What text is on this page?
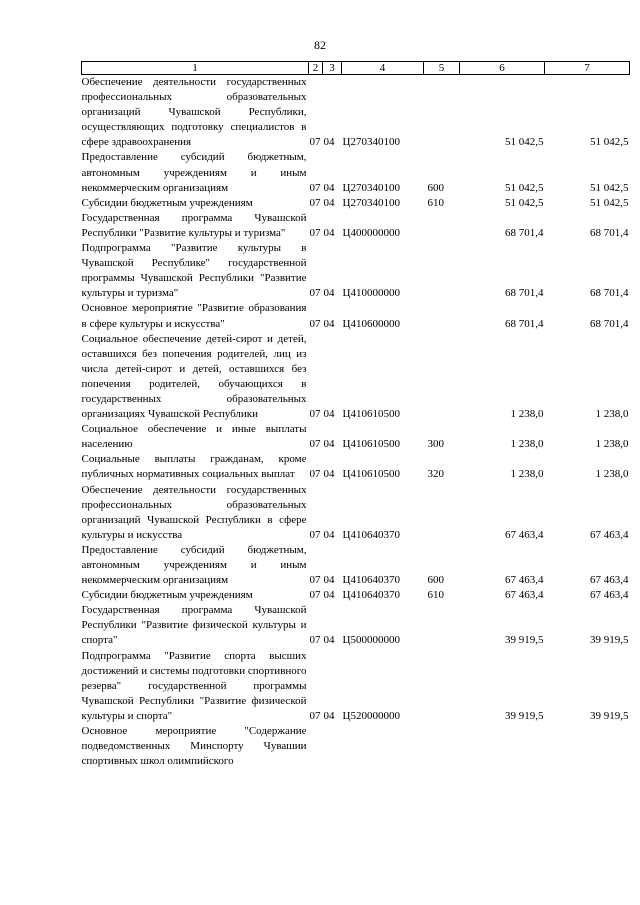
82
1	2	3	4	5	6	7
Обеспечение деятельности государственных профессиональных образовательных организаций Чувашской Республики, осуществляющих подготовку специалистов в сфере здравоохранения	07	04	Ц270340100		51 042,5	51 042,5
Предоставление субсидий бюджетным, автономным учреждениям и иным некоммерческим организациям	07	04	Ц270340100	600	51 042,5	51 042,5
Субсидии бюджетным учреждениям	07	04	Ц270340100	610	51 042,5	51 042,5
Государственная программа Чувашской Республики "Развитие культуры и туризма"	07	04	Ц400000000		68 701,4	68 701,4
Подпрограмма "Развитие культуры в Чувашской Республике" государственной программы Чувашской Республики "Развитие культуры и туризма"	07	04	Ц410000000		68 701,4	68 701,4
Основное мероприятие "Развитие образования в сфере культуры и искусства"	07	04	Ц410600000		68 701,4	68 701,4
Социальное обеспечение детей-сирот и детей, оставшихся без попечения родителей, лиц из числа детей-сирот и детей, оставшихся без попечения родителей, обучающихся в государственных образовательных организациях Чувашской Республики	07	04	Ц410610500		1 238,0	1 238,0
Социальное обеспечение и иные выплаты населению	07	04	Ц410610500	300	1 238,0	1 238,0
Социальные выплаты гражданам, кроме публичных нормативных социальных выплат	07	04	Ц410610500	320	1 238,0	1 238,0
Обеспечение деятельности государственных профессиональных образовательных организаций Чувашской Республики в сфере культуры и искусства	07	04	Ц410640370		67 463,4	67 463,4
Предоставление субсидий бюджетным, автономным учреждениям и иным некоммерческим организациям	07	04	Ц410640370	600	67 463,4	67 463,4
Субсидии бюджетным учреждениям	07	04	Ц410640370	610	67 463,4	67 463,4
Государственная программа Чувашской Республики "Развитие физической культуры и спорта"	07	04	Ц500000000		39 919,5	39 919,5
Подпрограмма "Развитие спорта высших достижений и системы подготовки спортивного резерва" государственной программы Чувашской Республики "Развитие физической культуры и спорта"	07	04	Ц520000000		39 919,5	39 919,5
Основное мероприятие "Содержание подведомственных Минспорту Чувашии спортивных школ олимпийского						
